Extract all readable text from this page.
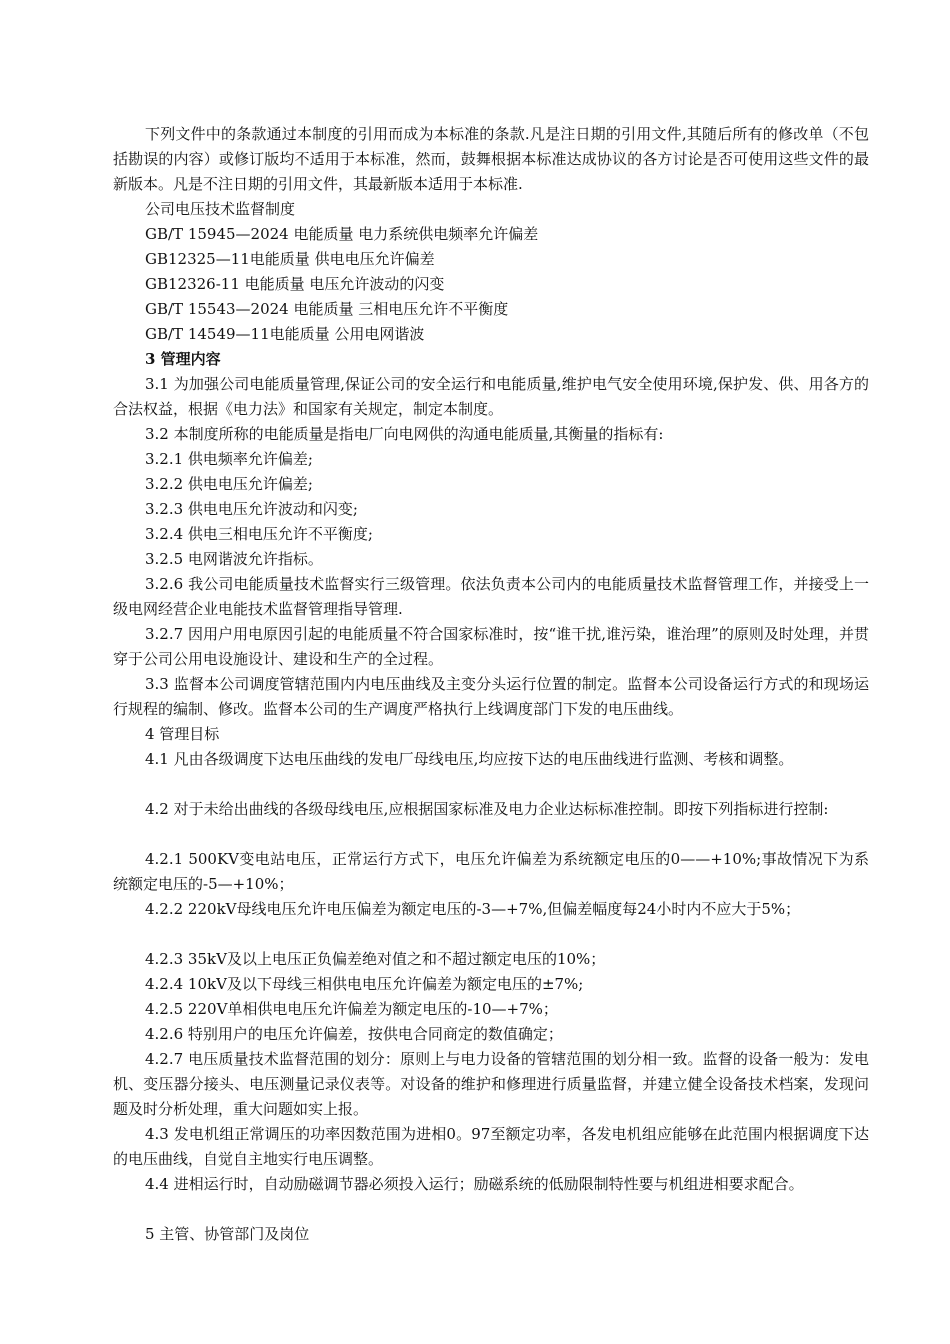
下列文件中的条款通过本制度的引用而成为本标准的条款.凡是注日期的引用文件,其随后所有的修改单（不包括勘误的内容）或修订版均不适用于本标准，然而，鼓舞根据本标准达成协议的各方讨论是否可使用这些文件的最新版本。凡是不注日期的引用文件，其最新版本适用于本标准.

公司电压技术监督制度

GB/T 15945—2024 电能质量 电力系统供电频率允许偏差

GB12325—11电能质量 供电电压允许偏差

GB12326-11 电能质量 电压允许波动的闪变

GB/T 15543—2024 电能质量 三相电压允许不平衡度

GB/T 14549—11电能质量 公用电网谐波

3 管理内容

3.1 为加强公司电能质量管理,保证公司的安全运行和电能质量,维护电气安全使用环境,保护发、供、用各方的合法权益，根据《电力法》和国家有关规定，制定本制度。

3.2 本制度所称的电能质量是指电厂向电网供的沟通电能质量,其衡量的指标有:

3.2.1 供电频率允许偏差;

3.2.2 供电电压允许偏差;

3.2.3 供电电压允许波动和闪变;

3.2.4 供电三相电压允许不平衡度;

3.2.5 电网谐波允许指标。

3.2.6 我公司电能质量技术监督实行三级管理。依法负责本公司内的电能质量技术监督管理工作，并接受上一级电网经营企业电能技术监督管理指导管理.

3.2.7 因用户用电原因引起的电能质量不符合国家标准时，按“谁干扰,谁污染，谁治理”的原则及时处理，并贯穿于公司公用电设施设计、建设和生产的全过程。

3.3 监督本公司调度管辖范围内内电压曲线及主变分头运行位置的制定。监督本公司设备运行方式的和现场运行规程的编制、修改。监督本公司的生产调度严格执行上线调度部门下发的电压曲线。

4 管理目标

4.1 凡由各级调度下达电压曲线的发电厂母线电压,均应按下达的电压曲线进行监测、考核和调整。

4.2 对于未给出曲线的各级母线电压,应根据国家标准及电力企业达标标准控制。即按下列指标进行控制:

4.2.1 500KV变电站电压，正常运行方式下，电压允许偏差为系统额定电压的0——+10%;事故情况下为系统额定电压的-5—+10%；

4.2.2 220kV母线电压允许电压偏差为额定电压的-3—+7%,但偏差幅度每24小时内不应大于5%；

4.2.3 35kV及以上电压正负偏差绝对值之和不超过额定电压的10%；

4.2.4 10kV及以下母线三相供电电压允许偏差为额定电压的±7%;

4.2.5 220V单相供电电压允许偏差为额定电压的-10—+7%；

4.2.6 特别用户的电压允许偏差，按供电合同商定的数值确定；

4.2.7 电压质量技术监督范围的划分：原则上与电力设备的管辖范围的划分相一致。监督的设备一般为：发电机、变压器分接头、电压测量记录仪表等。对设备的维护和修理进行质量监督，并建立健全设备技术档案，发现问题及时分析处理，重大问题如实上报。

4.3 发电机组正常调压的功率因数范围为进相0。97至额定功率，各发电机组应能够在此范围内根据调度下达的电压曲线，自觉自主地实行电压调整。

4.4 进相运行时，自动励磁调节器必须投入运行；励磁系统的低励限制特性要与机组进相要求配合。

5 主管、协管部门及岗位
